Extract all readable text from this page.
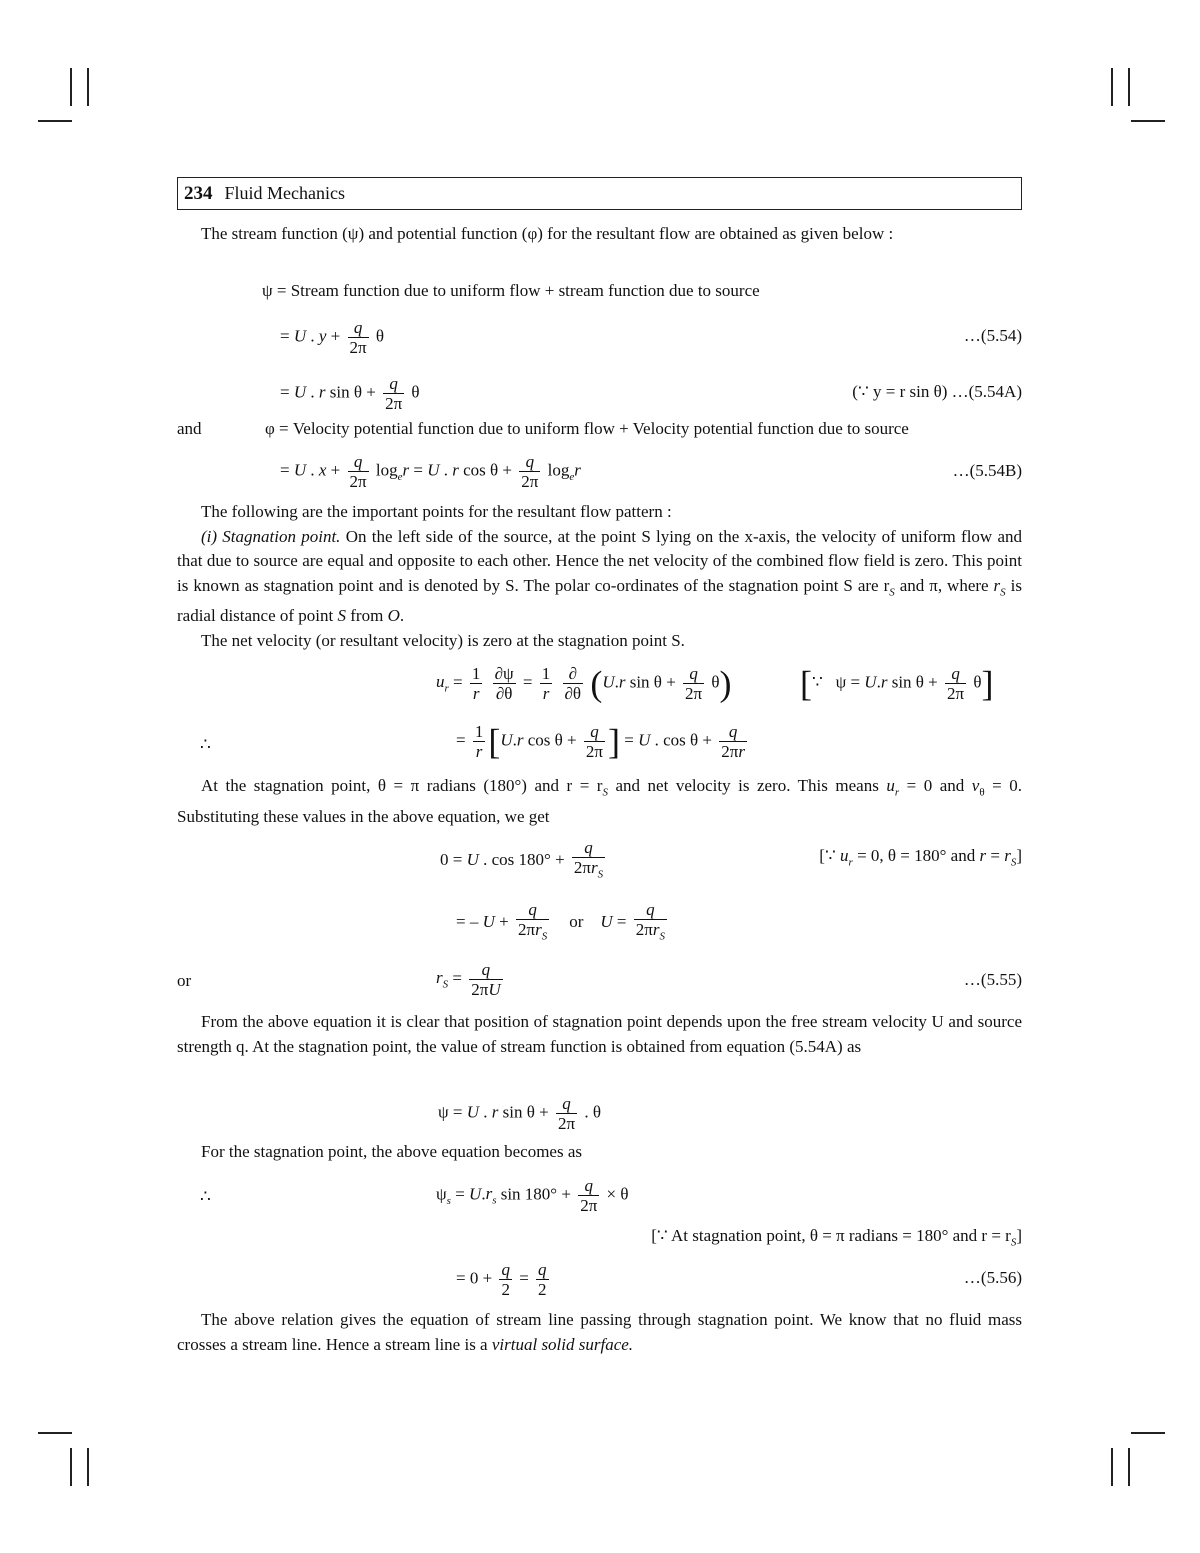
234 Fluid Mechanics

The stream function (ψ) and potential function (φ) for the resultant flow are obtained as given below :

ψ = Stream function due to uniform flow + stream function due to source
= U . $y + \frac{q}{2\pi}$ θ	…(5.54)
= U . r $\sin \theta + \frac{q}{2\pi}$ θ	(∵ y = r sin θ) …(5.54A)
and	φ = Velocity potential function due to uniform flow + Velocity potential function due to source
= U . $x + \frac{q}{2\pi} \log_er = U$ . r $\cos \theta + \frac{q}{2\pi} \log_er$	…(5.54B)

The following are the important points for the resultant flow pattern :

(i) Stagnation point. On the left side of the source, at the point S lying on the x-axis, the velocity of uniform flow and that due to source are equal and opposite to each other. Hence the net velocity of the combined flow field is zero. This point is known as stagnation point and is denoted by S. The polar co-ordinates of the stagnation point S are $r_S$ and π, where $r_S$ is radial distance of point S from O.

The net velocity (or resultant velocity) is zero at the stagnation point S.

$u_r = \frac{1}{r}$
$\frac{\partial\psi}{\partial\theta} = \frac{1}{r}$
$\frac{\partial}{\partial\theta} (U.r$ $\sin \theta + \frac{q}{2\pi} \theta$) [∵   ψ = U.r $\sin \theta + \frac{q}{2\pi} \theta$]
∴	= $\frac{1}{r} [U.r$ $\cos \theta + \frac{q}{2\pi}$ ] = U . $\cos \theta + \frac{q}{2\pi r}$

At the stagnation point, θ = π radians (180°) and $r = r_S$ and net velocity is zero. This means $u_r = 0$ and $v_\theta = 0$. Substituting these values in the above equation, we get

0 = U . $\cos 180^\circ + \frac{q}{2\pi r_S}$	[∵ $u_r = 0$, θ = 180° and $r = r_S$]
= – $U + \frac{q}{2\pi r_S}$ or    $U = \frac{q}{2\pi r_S}$
or	$r_S = \frac{q}{2\pi U}$	…(5.55)

From the above equation it is clear that position of stagnation point depends upon the free stream velocity U and source strength q. At the stagnation point, the value of stream function is obtained from equation (5.54A) as

ψ = U . r $\sin \theta + \frac{q}{2\pi}$ . θ

For the stagnation point, the above equation becomes as

∴	$\psi_s = U.r_s$ $\sin 180^\circ + \frac{q}{2\pi} \times \theta$
[∵ At stagnation point, θ = π radians = 180° and $r = r_S$]
= $0 + \frac{q}{2} = \frac{q}{2}$	…(5.56)

The above relation gives the equation of stream line passing through stagnation point. We know that no fluid mass crosses a stream line. Hence a stream line is a virtual solid surface.
